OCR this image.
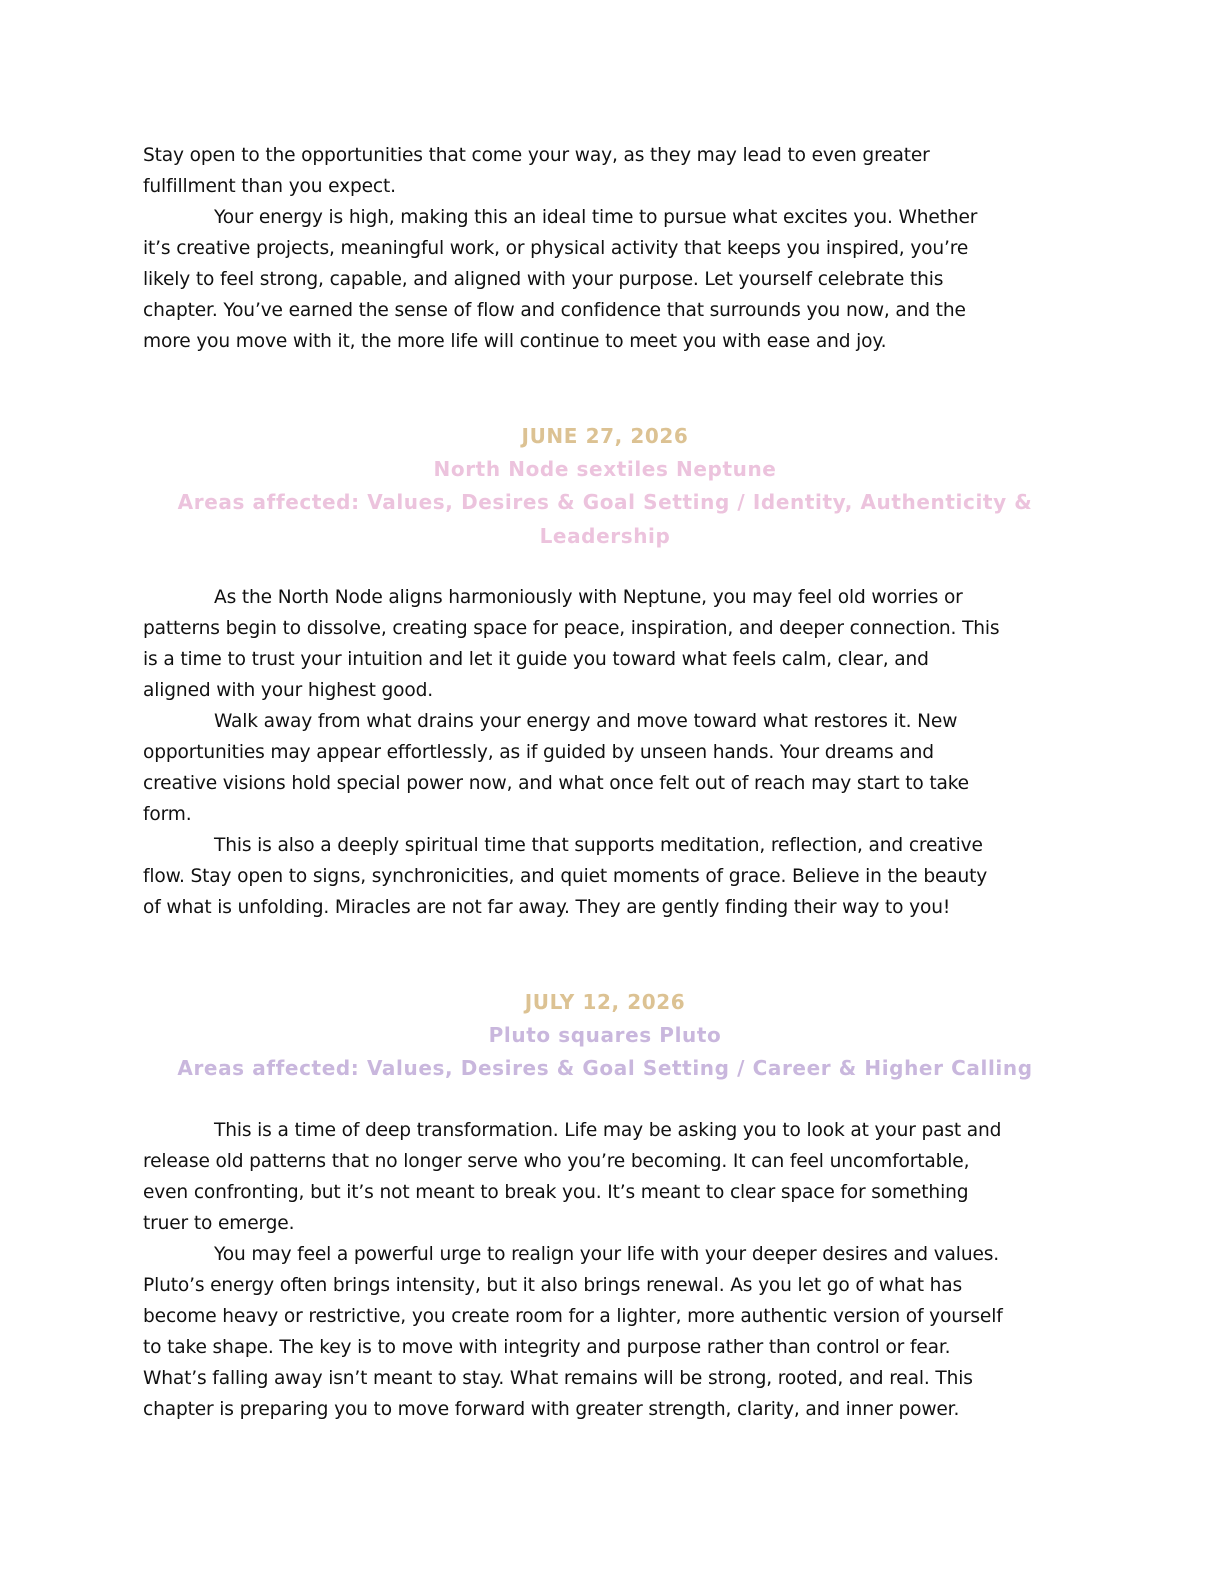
Stay open to the opportunities that come your way, as they may lead to even greater
fulfillment than you expect.
Your energy is high, making this an ideal time to pursue what excites you. Whether
it’s creative projects, meaningful work, or physical activity that keeps you inspired, you’re
likely to feel strong, capable, and aligned with your purpose. Let yourself celebrate this
chapter. You’ve earned the sense of flow and confidence that surrounds you now, and the
more you move with it, the more life will continue to meet you with ease and joy.
JUNE 27, 2026
North Node sextiles Neptune
Areas affected: Values, Desires & Goal Setting / Identity, Authenticity &
Leadership
As the North Node aligns harmoniously with Neptune, you may feel old worries or
patterns begin to dissolve, creating space for peace, inspiration, and deeper connection. This
is a time to trust your intuition and let it guide you toward what feels calm, clear, and
aligned with your highest good.
Walk away from what drains your energy and move toward what restores it. New
opportunities may appear effortlessly, as if guided by unseen hands. Your dreams and
creative visions hold special power now, and what once felt out of reach may start to take
form.
This is also a deeply spiritual time that supports meditation, reflection, and creative
flow. Stay open to signs, synchronicities, and quiet moments of grace. Believe in the beauty
of what is unfolding. Miracles are not far away. They are gently finding their way to you!
JULY 12, 2026
Pluto squares Pluto
Areas affected: Values, Desires & Goal Setting / Career & Higher Calling
This is a time of deep transformation. Life may be asking you to look at your past and
release old patterns that no longer serve who you’re becoming. It can feel uncomfortable,
even confronting, but it’s not meant to break you. It’s meant to clear space for something
truer to emerge.
You may feel a powerful urge to realign your life with your deeper desires and values.
Pluto’s energy often brings intensity, but it also brings renewal. As you let go of what has
become heavy or restrictive, you create room for a lighter, more authentic version of yourself
to take shape. The key is to move with integrity and purpose rather than control or fear.
What’s falling away isn’t meant to stay. What remains will be strong, rooted, and real. This
chapter is preparing you to move forward with greater strength, clarity, and inner power.
